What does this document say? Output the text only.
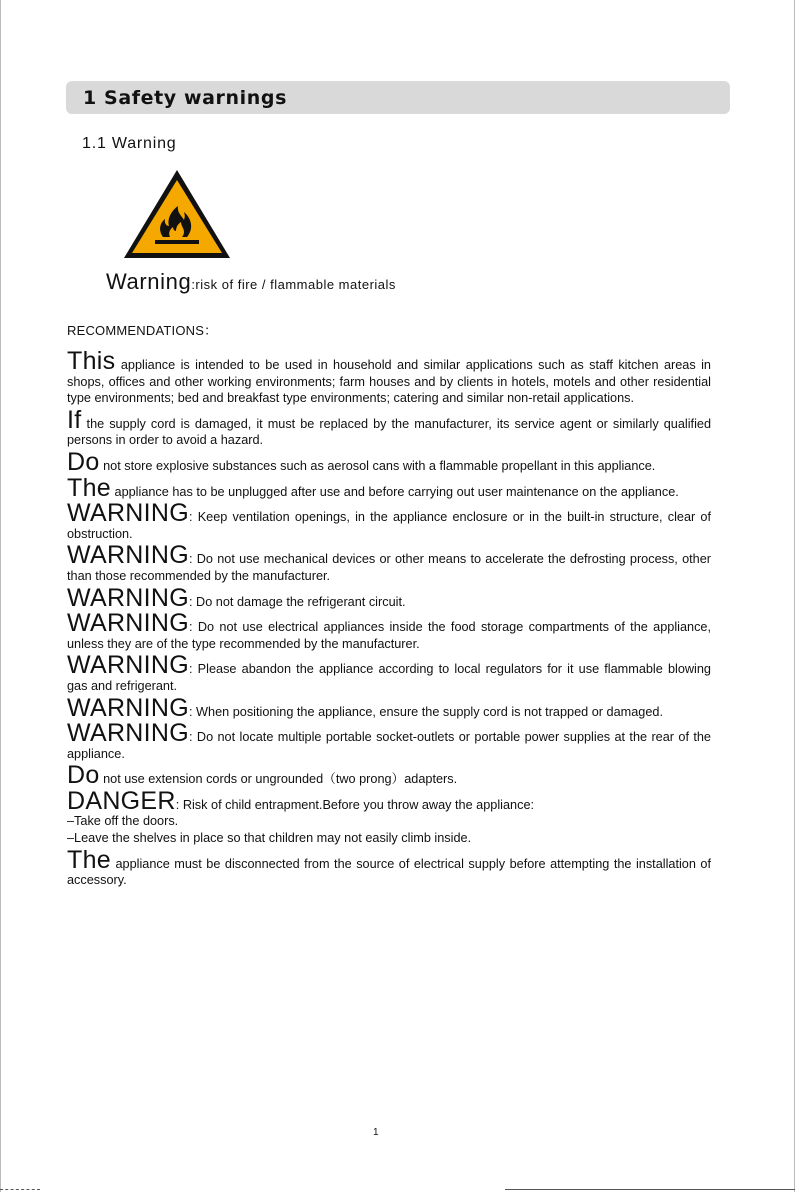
1 Safety warnings
1.1 Warning
Warning:risk of fire / flammable materials
RECOMMENDATIONS：

This appliance is intended to be used in household and similar applications such as staff kitchen areas in shops, offices and other working environments; farm houses and by clients in hotels, motels and other residential type environments; bed and breakfast type environments; catering and similar non-retail applications.

If the supply cord is damaged, it must be replaced by the manufacturer, its service agent or similarly qualified persons in order to avoid a hazard.

Do not store explosive substances such as aerosol cans with a flammable propellant in this appliance.

The appliance has to be unplugged after use and before carrying out user maintenance on the appliance.

WARNING: Keep ventilation openings, in the appliance enclosure or in the built-in structure, clear of obstruction.

WARNING: Do not use mechanical devices or other means to accelerate the defrosting process, other than those recommended by the manufacturer.

WARNING: Do not damage the refrigerant circuit.

WARNING: Do not use electrical appliances inside the food storage compartments of the appliance, unless they are of the type recommended by the manufacturer.

WARNING: Please abandon the appliance according to local regulators for it use flammable blowing gas and refrigerant.

WARNING: When positioning the appliance, ensure the supply cord is not trapped or damaged.

WARNING: Do not locate multiple portable socket-outlets or portable power supplies at the rear of the appliance.

Do not use extension cords or ungrounded（two prong）adapters.

DANGER: Risk of child entrapment.Before you throw away the appliance:

–Take off the doors.

–Leave the shelves in place so that children may not easily climb inside.

The appliance must be disconnected from the source of electrical supply before attempting the installation of accessory.

1
